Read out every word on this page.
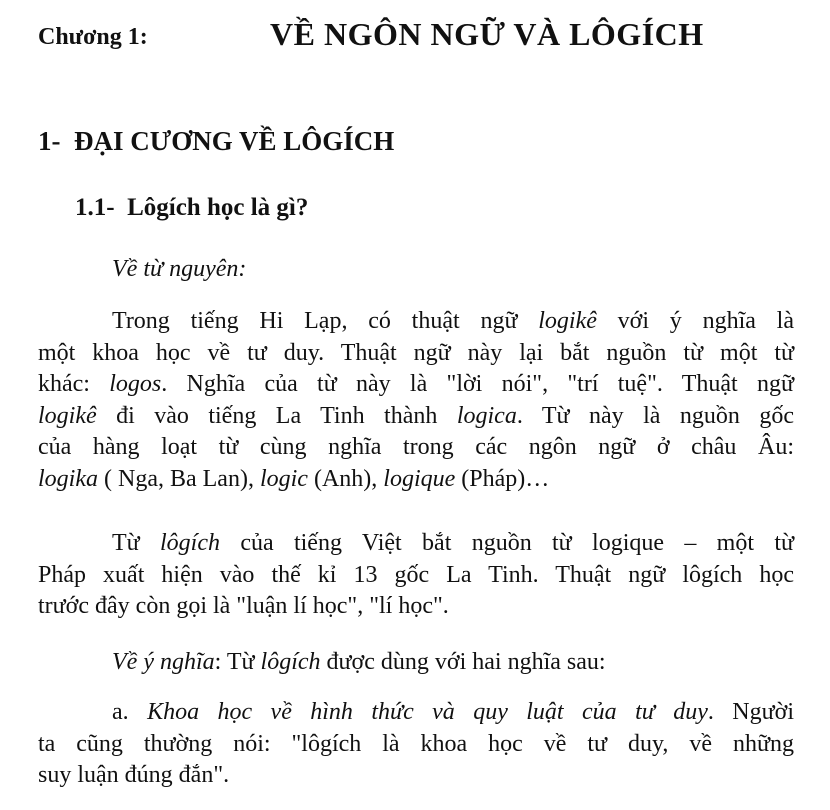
Chương 1:	VỀ NGÔN NGỮ VÀ LÔGÍCH
1-  ĐẠI CƯƠNG VỀ LÔGÍCH
1.1-  Lôgích học là gì?
Về từ nguyên:
Trong tiếng Hi Lạp, có thuật ngữ logikê với ý nghĩa là
một khoa học về tư duy. Thuật ngữ này lại bắt nguồn từ một từ
khác: logos. Nghĩa của từ này là "lời nói", "trí tuệ". Thuật ngữ
logikê đi vào tiếng La Tinh thành logica. Từ này là nguồn gốc
của hàng loạt từ cùng nghĩa trong các ngôn ngữ ở châu Âu:
logika ( Nga, Ba Lan), logic (Anh), logique (Pháp)…
Từ lôgích của tiếng Việt bắt nguồn từ logique – một từ
Pháp xuất hiện vào thế kỉ 13 gốc La Tinh. Thuật ngữ lôgích học
trước đây còn gọi là "luận lí học", "lí học".
Về ý nghĩa: Từ lôgích được dùng với hai nghĩa sau:
a. Khoa học về hình thức và quy luật của tư duy. Người
ta cũng thường nói: "lôgích là khoa học về tư duy, về những
suy luận đúng đắn".
